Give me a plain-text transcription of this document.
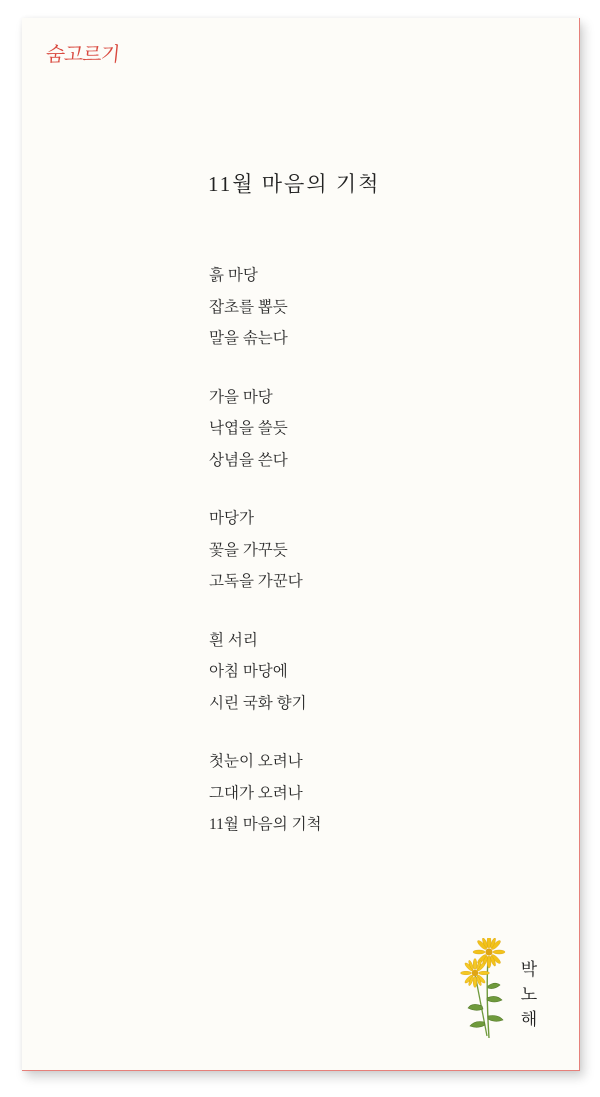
숨고르기
11월 마음의 기척
흙 마당
잡초를 뽑듯
말을 솎는다
가을 마당
낙엽을 쓸듯
상념을 쓴다
마당가
꽃을 가꾸듯
고독을 가꾼다
흰 서리
아침 마당에
시린 국화 향기
첫눈이 오려나
그대가 오려나
11월 마음의 기척
박
노
해
